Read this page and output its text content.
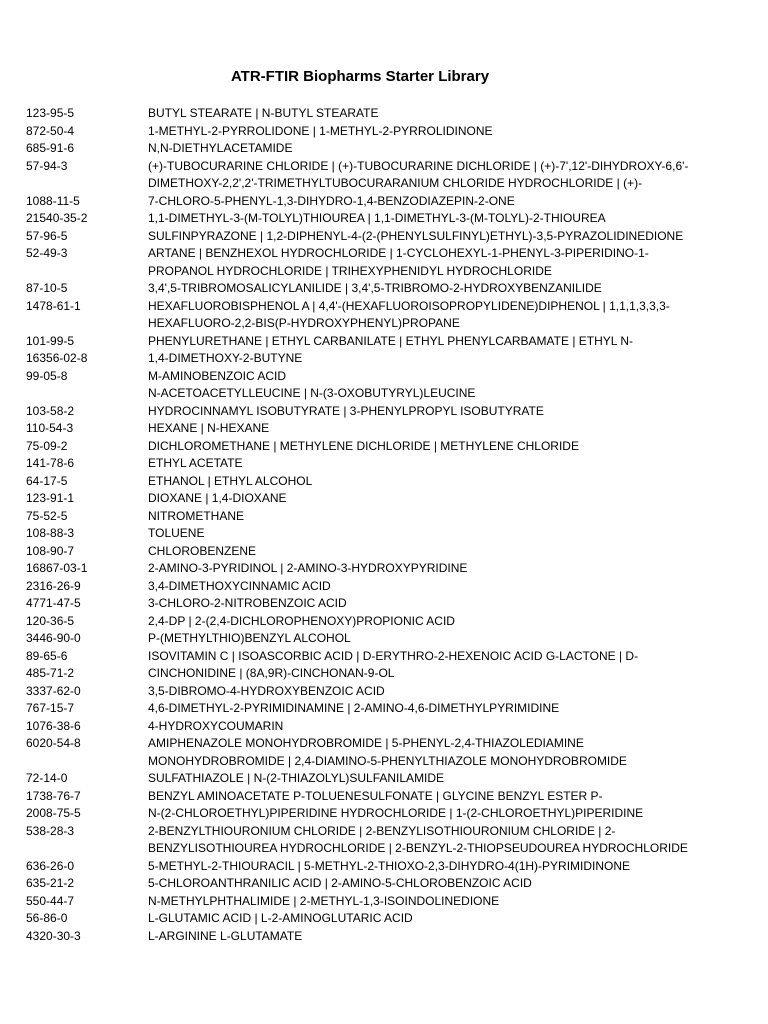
ATR-FTIR Biopharms Starter Library
123-95-5	BUTYL STEARATE | N-BUTYL STEARATE
872-50-4	1-METHYL-2-PYRROLIDONE | 1-METHYL-2-PYRROLIDINONE
685-91-6	N,N-DIETHYLACETAMIDE
57-94-3	(+)-TUBOCURARINE CHLORIDE | (+)-TUBOCURARINE DICHLORIDE | (+)-7',12'-DIHYDROXY-6,6'-
DIMETHOXY-2,2',2'-TRIMETHYLTUBOCURARANIUM CHLORIDE HYDROCHLORIDE | (+)-
1088-11-5	7-CHLORO-5-PHENYL-1,3-DIHYDRO-1,4-BENZODIAZEPIN-2-ONE
21540-35-2	1,1-DIMETHYL-3-(M-TOLYL)THIOUREA | 1,1-DIMETHYL-3-(M-TOLYL)-2-THIOUREA
57-96-5	SULFINPYRAZONE | 1,2-DIPHENYL-4-(2-(PHENYLSULFINYL)ETHYL)-3,5-PYRAZOLIDINEDIONE
52-49-3	ARTANE | BENZHEXOL HYDROCHLORIDE | 1-CYCLOHEXYL-1-PHENYL-3-PIPERIDINO-1-
PROPANOL HYDROCHLORIDE | TRIHEXYPHENIDYL HYDROCHLORIDE
87-10-5	3,4',5-TRIBROMOSALICYLANILIDE | 3,4',5-TRIBROMO-2-HYDROXYBENZANILIDE
1478-61-1	HEXAFLUOROBISPHENOL A | 4,4'-(HEXAFLUOROISOPROPYLIDENE)DIPHENOL | 1,1,1,3,3,3-
HEXAFLUORO-2,2-BIS(P-HYDROXYPHENYL)PROPANE
101-99-5	PHENYLURETHANE | ETHYL CARBANILATE | ETHYL PHENYLCARBAMATE | ETHYL N-
16356-02-8	1,4-DIMETHOXY-2-BUTYNE
99-05-8	M-AMINOBENZOIC ACID
N-ACETOACETYLLEUCINE | N-(3-OXOBUTYRYL)LEUCINE
103-58-2	HYDROCINNAMYL ISOBUTYRATE | 3-PHENYLPROPYL ISOBUTYRATE
110-54-3	HEXANE | N-HEXANE
75-09-2	DICHLOROMETHANE | METHYLENE DICHLORIDE | METHYLENE CHLORIDE
141-78-6	ETHYL ACETATE
64-17-5	ETHANOL | ETHYL ALCOHOL
123-91-1	DIOXANE | 1,4-DIOXANE
75-52-5	NITROMETHANE
108-88-3	TOLUENE
108-90-7	CHLOROBENZENE
16867-03-1	2-AMINO-3-PYRIDINOL | 2-AMINO-3-HYDROXYPYRIDINE
2316-26-9	3,4-DIMETHOXYCINNAMIC ACID
4771-47-5	3-CHLORO-2-NITROBENZOIC ACID
120-36-5	2,4-DP | 2-(2,4-DICHLOROPHENOXY)PROPIONIC ACID
3446-90-0	P-(METHYLTHIO)BENZYL ALCOHOL
89-65-6	ISOVITAMIN C | ISOASCORBIC ACID | D-ERYTHRO-2-HEXENOIC ACID G-LACTONE | D-
485-71-2	CINCHONIDINE | (8A,9R)-CINCHONAN-9-OL
3337-62-0	3,5-DIBROMO-4-HYDROXYBENZOIC ACID
767-15-7	4,6-DIMETHYL-2-PYRIMIDINAMINE | 2-AMINO-4,6-DIMETHYLPYRIMIDINE
1076-38-6	4-HYDROXYCOUMARIN
6020-54-8	AMIPHENAZOLE MONOHYDROBROMIDE | 5-PHENYL-2,4-THIAZOLEDIAMINE
MONOHYDROBROMIDE | 2,4-DIAMINO-5-PHENYLTHIAZOLE MONOHYDROBROMIDE
72-14-0	SULFATHIAZOLE | N-(2-THIAZOLYL)SULFANILAMIDE
1738-76-7	BENZYL AMINOACETATE P-TOLUENESULFONATE | GLYCINE BENZYL ESTER P-
2008-75-5	N-(2-CHLOROETHYL)PIPERIDINE HYDROCHLORIDE | 1-(2-CHLOROETHYL)PIPERIDINE
538-28-3	2-BENZYLTHIOURONIUM CHLORIDE | 2-BENZYLISOTHIOURONIUM CHLORIDE | 2-
BENZYLISOTHIOUREA HYDROCHLORIDE | 2-BENZYL-2-THIOPSEUDOUREA HYDROCHLORIDE
636-26-0	5-METHYL-2-THIOURACIL | 5-METHYL-2-THIOXO-2,3-DIHYDRO-4(1H)-PYRIMIDINONE
635-21-2	5-CHLOROANTHRANILIC ACID | 2-AMINO-5-CHLOROBENZOIC ACID
550-44-7	N-METHYLPHTHALIMIDE | 2-METHYL-1,3-ISOINDOLINEDIONE
56-86-0	L-GLUTAMIC ACID | L-2-AMINOGLUTARIC ACID
4320-30-3	L-ARGININE L-GLUTAMATE
